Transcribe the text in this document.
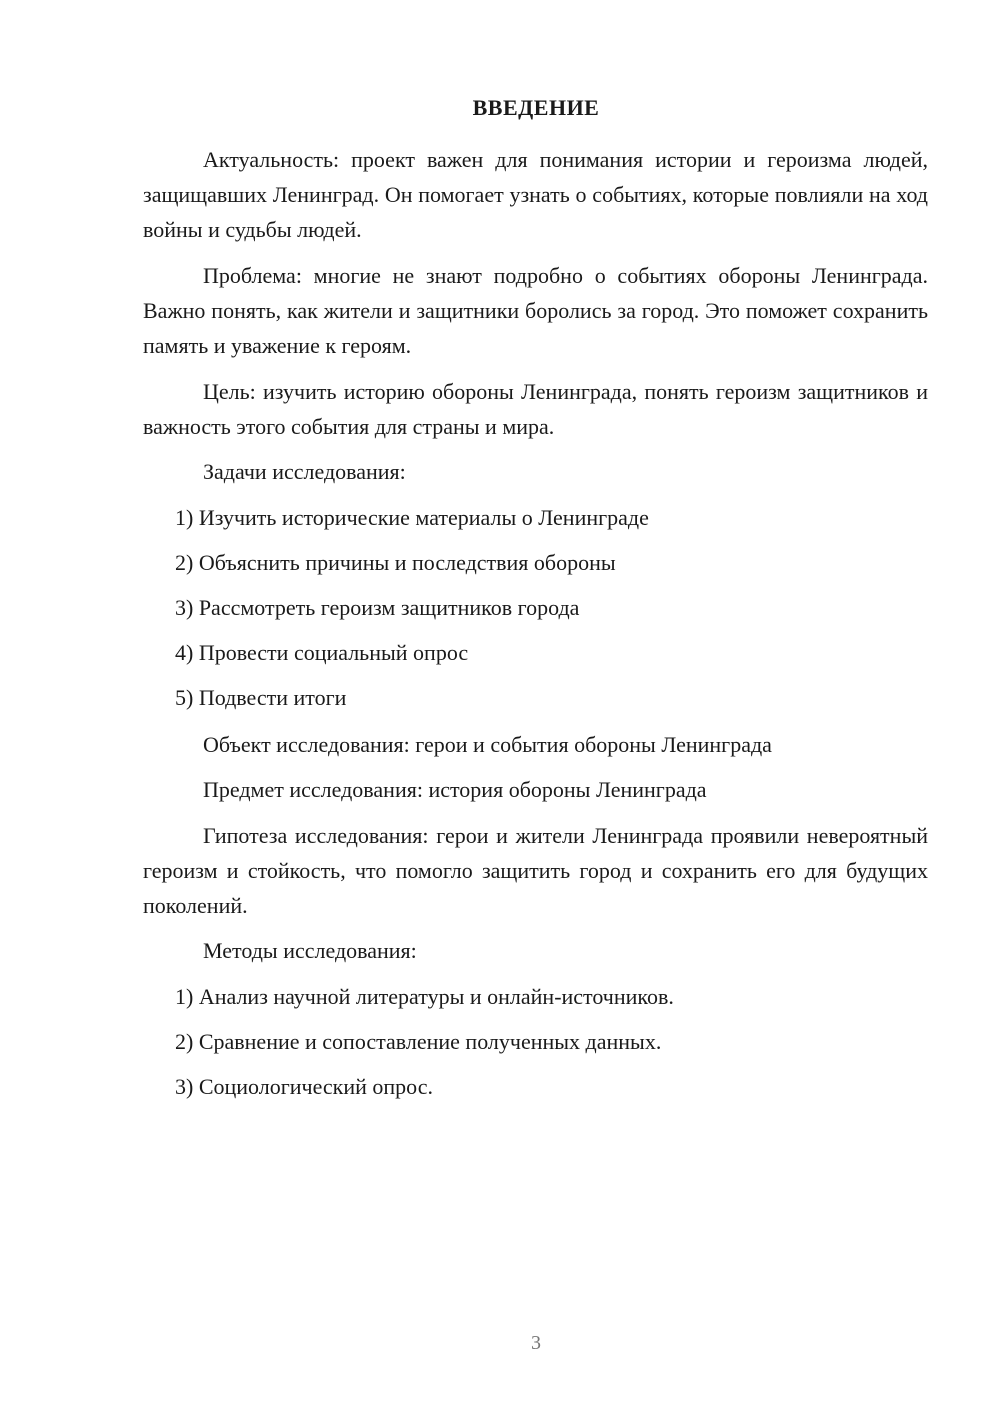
ВВЕДЕНИЕ

Актуальность: проект важен для понимания истории и героизма людей, защищавших Ленинград. Он помогает узнать о событиях, которые повлияли на ход войны и судьбы людей.

Проблема: многие не знают подробно о событиях обороны Ленинграда. Важно понять, как жители и защитники боролись за город. Это поможет сохранить память и уважение к героям.

Цель: изучить историю обороны Ленинграда, понять героизм защитников и важность этого события для страны и мира.

Задачи исследования:
1) Изучить исторические материалы о Ленинграде
2) Объяснить причины и последствия обороны
3) Рассмотреть героизм защитников города
4) Провести социальный опрос
5) Подвести итоги
Объект исследования: герои и события обороны Ленинграда
Предмет исследования: история обороны Ленинграда

Гипотеза исследования: герои и жители Ленинграда проявили невероятный героизм и стойкость, что помогло защитить город и сохранить его для будущих поколений.

Методы исследования:
1) Анализ научной литературы и онлайн-источников.
2) Сравнение и сопоставление полученных данных.
3) Социологический опрос.
3
